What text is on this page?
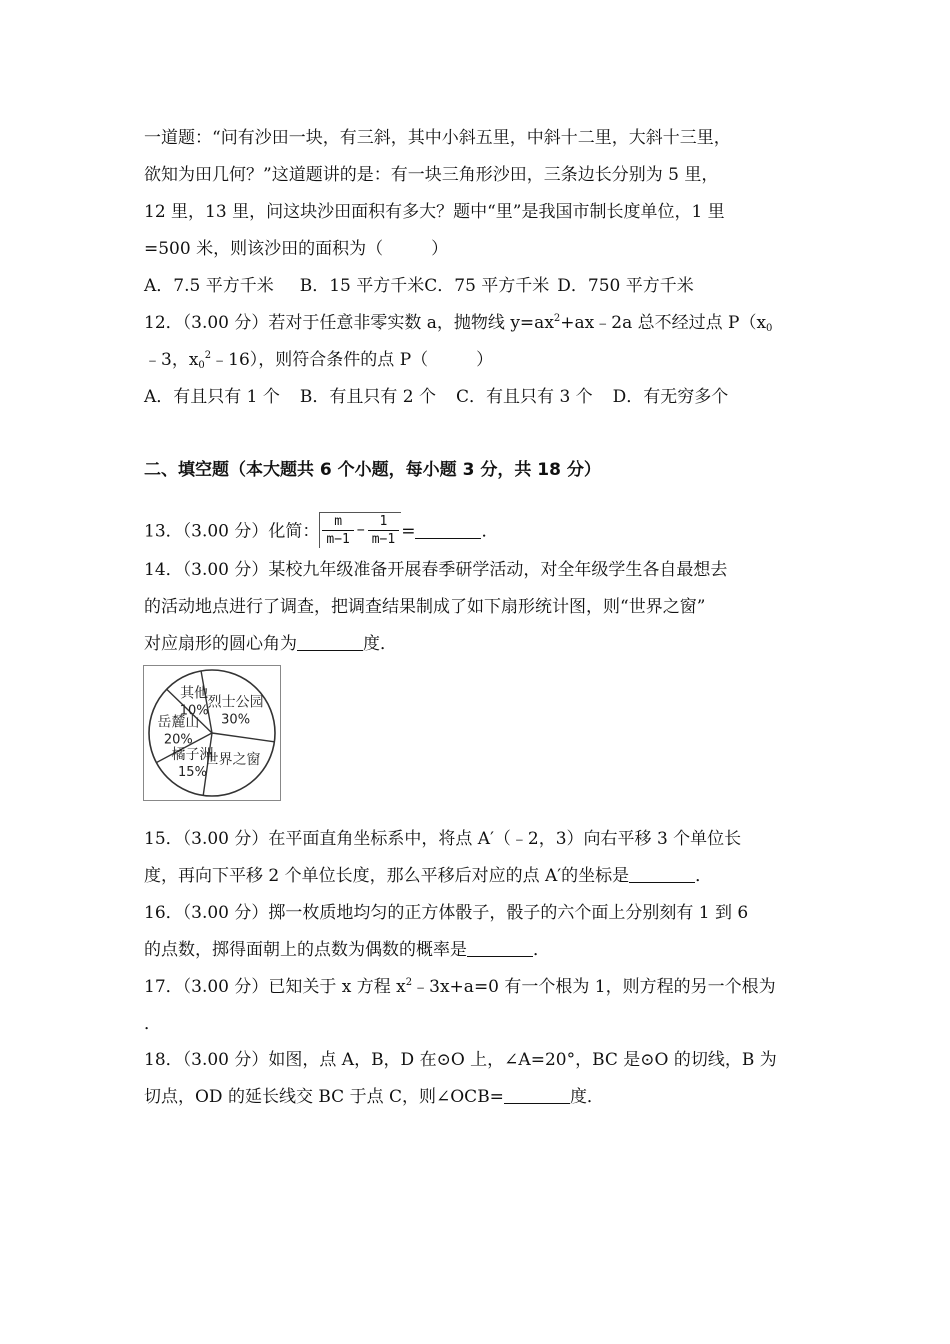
一道题：“问有沙田一块，有三斜，其中小斜五里，中斜十二里，大斜十三里，
欲知为田几何？”这道题讲的是：有一块三角形沙田，三条边长分别为 5 里，
12 里，13 里，问这块沙田面积有多大？题中“里”是我国市制长度单位，1 里
=500 米，则该沙田的面积为（	）
A．7.5 平方千米 B．15 平方千米C．75 平方千米 D．750 平方千米
12．（3.00 分）若对于任意非零实数 a，抛物线 $y=ax^2+ax﹣2a$ 总不经过点 $P(x_0$
﹣3，$x_0^2﹣16$），则符合条件的点 P（	）
A．有且只有 1 个 B．有且只有 2 个 C．有且只有 3 个 D．有无穷多个
二、填空题（本大题共 6 个小题，每小题 3 分，共 18 分）
13．（3.00 分）化简： $\frac{m}{m-1} - \frac{1}{m-1}$ =	．
14．（3.00 分）某校九年级准备开展春季研学活动，对全年级学生各自最想去
的活动地点进行了调查，把调查结果制成了如下扇形统计图，则“世界之窗”
对应扇形的圆心角为	度．
烈士公园
30%
世界之窗
橘子洲
15%
岳麓山
20%
其他
10%
15．（3.00 分）在平面直角坐标系中，将点 A′（﹣2，3）向右平移 3 个单位长
度，再向下平移 2 个单位长度，那么平移后对应的点 A′的坐标是	．
16．（3.00 分）掷一枚质地均匀的正方体骰子，骰子的六个面上分别刻有 1 到 6
的点数，掷得面朝上的点数为偶数的概率是	．
17．（3.00 分）已知关于 x 方程 $x^2﹣3x+a=0$ 有一个根为 1，则方程的另一个根为
．
18．（3.00 分）如图，点 A，B，D 在⊙O 上，∠A=20°，BC 是⊙O 的切线，B 为
切点，OD 的延长线交 BC 于点 C，则∠OCB=	度．
